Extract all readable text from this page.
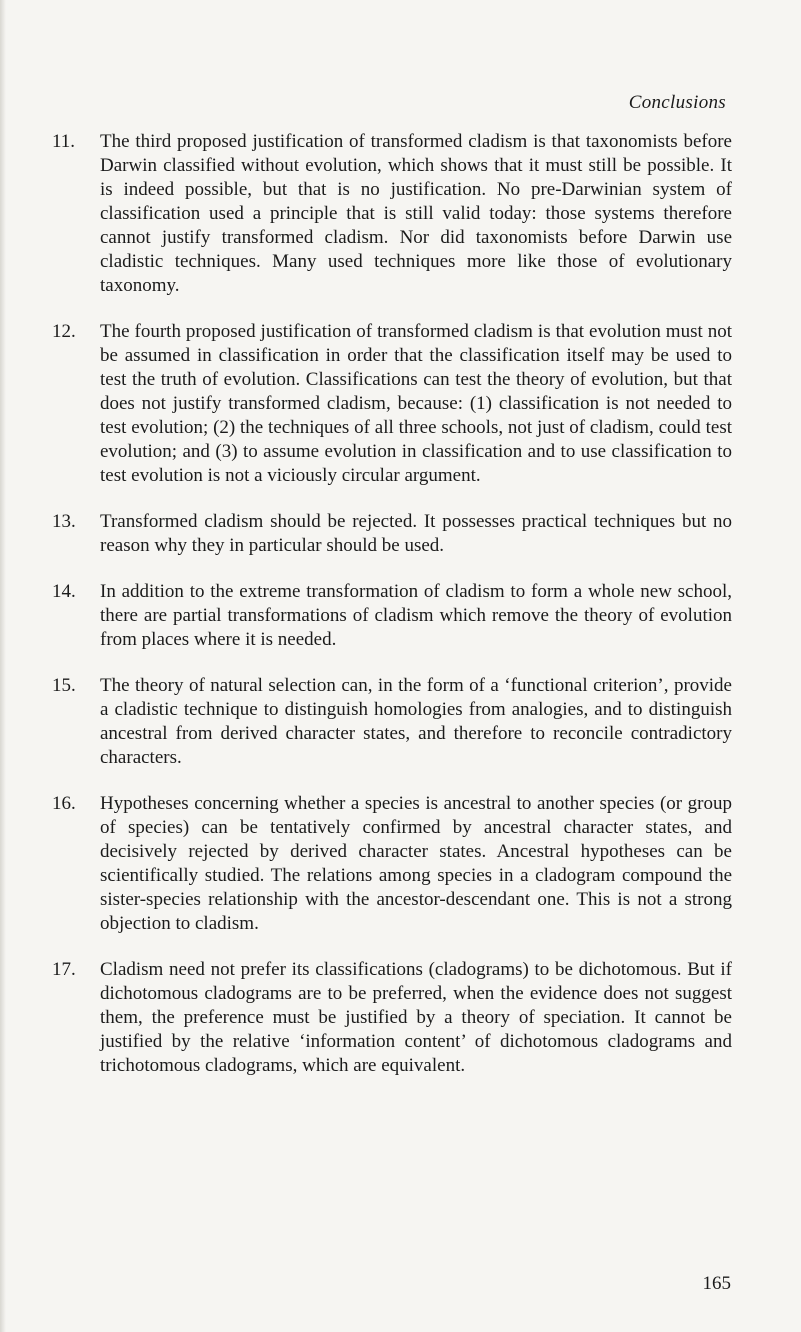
Conclusions
11.	The third proposed justification of transformed cladism is that taxonomists before Darwin classified without evolution, which shows that it must still be possible. It is indeed possible, but that is no justification. No pre-Darwinian system of classification used a principle that is still valid today: those systems therefore cannot justify transformed cladism. Nor did taxonomists before Darwin use cladistic techniques. Many used techniques more like those of evolutionary taxonomy.
12.	The fourth proposed justification of transformed cladism is that evolution must not be assumed in classification in order that the classification itself may be used to test the truth of evolution. Classifications can test the theory of evolution, but that does not justify transformed cladism, because: (1) classification is not needed to test evolution; (2) the techniques of all three schools, not just of cladism, could test evolution; and (3) to assume evolution in classification and to use classification to test evolution is not a viciously circular argument.
13.	Transformed cladism should be rejected. It possesses practical techniques but no reason why they in particular should be used.
14.	In addition to the extreme transformation of cladism to form a whole new school, there are partial transformations of cladism which remove the theory of evolution from places where it is needed.
15.	The theory of natural selection can, in the form of a ‘functional criterion’, provide a cladistic technique to distinguish homologies from analogies, and to distinguish ancestral from derived character states, and therefore to reconcile contradictory characters.
16.	Hypotheses concerning whether a species is ancestral to another species (or group of species) can be tentatively confirmed by ancestral character states, and decisively rejected by derived character states. Ancestral hypotheses can be scientifically studied. The relations among species in a cladogram compound the sister-species relationship with the ancestor-descendant one. This is not a strong objection to cladism.
17.	Cladism need not prefer its classifications (cladograms) to be dichotomous. But if dichotomous cladograms are to be preferred, when the evidence does not suggest them, the preference must be justified by a theory of speciation. It cannot be justified by the relative ‘information content’ of dichotomous cladograms and trichotomous cladograms, which are equivalent.
165
